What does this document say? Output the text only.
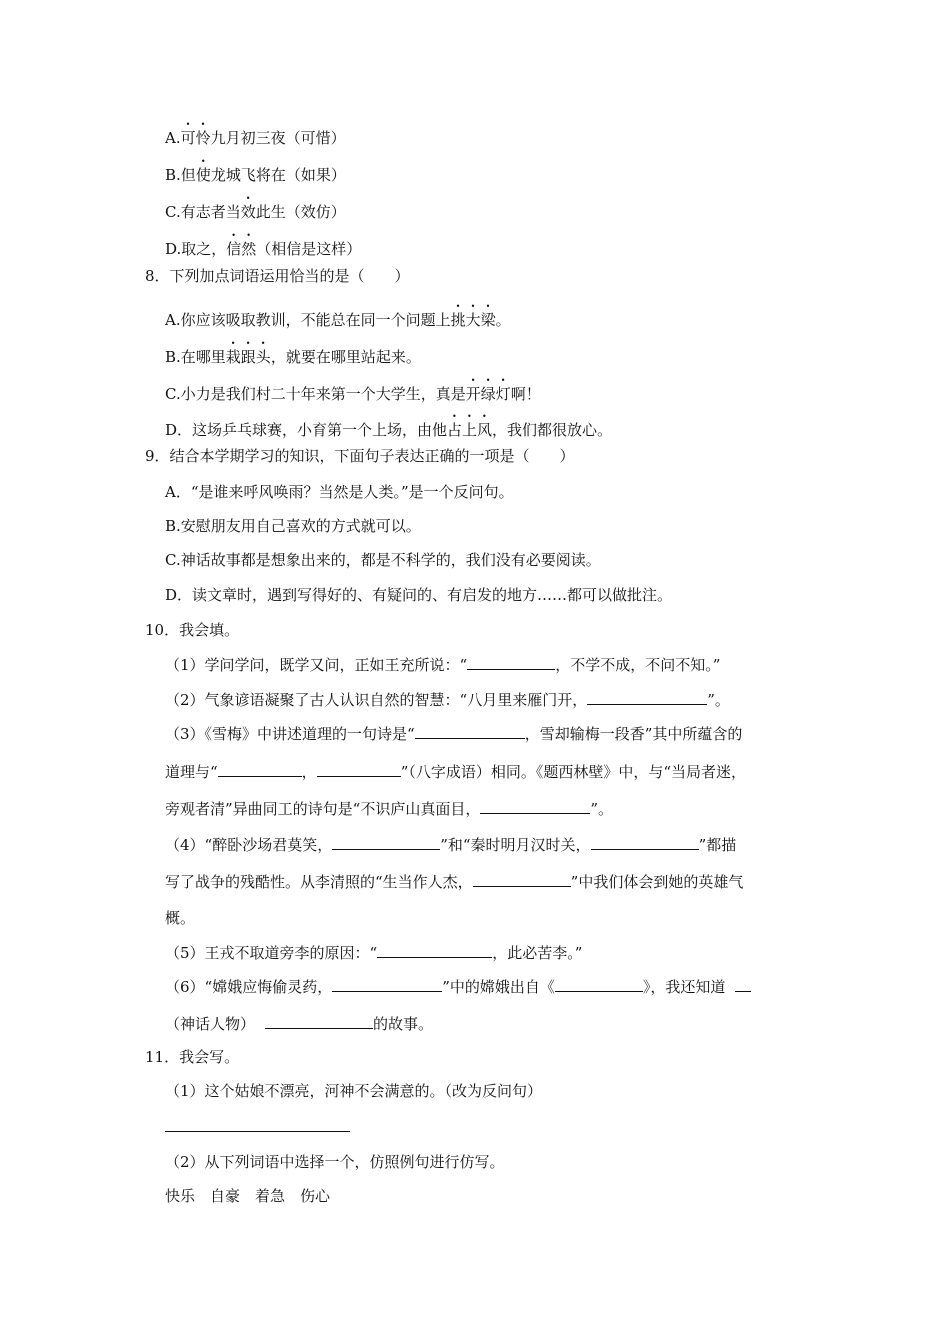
A.可怜九月初三夜（可惜）
B.但使龙城飞将在（如果）
C.有志者当效此生（效仿）
D.取之，信然（相信是这样）
8．下列加点词语运用恰当的是（　　）
A.你应该吸取教训，不能总在同一个问题上挑大梁。
B.在哪里栽跟头，就要在哪里站起来。
C.小力是我们村二十年来第一个大学生，真是开绿灯啊！
D．这场乒乓球赛，小育第一个上场，由他占上风，我们都很放心。
9．结合本学期学习的知识，下面句子表达正确的一项是（　　）
A．“是谁来呼风唤雨？当然是人类。”是一个反问句。
B.安慰朋友用自己喜欢的方式就可以。
C.神话故事都是想象出来的，都是不科学的，我们没有必要阅读。
D．读文章时，遇到写得好的、有疑问的、有启发的地方……都可以做批注。
10．我会填。
（1）学问学问，既学又问，正如王充所说：“	，不学不成，不问不知。”
（2）气象谚语凝聚了古人认识自然的智慧：“八月里来雁门开，	”。
（3）《雪梅》中讲述道理的一句诗是“	，雪却输梅一段香”其中所蕴含的
道理与“	，	”（八字成语）相同。《题西林壁》中，与“当局者迷，
旁观者清”异曲同工的诗句是“不识庐山真面目，	”。
（4）“醉卧沙场君莫笑，	”和“秦时明月汉时关，	”都描
写了战争的残酷性。从李清照的“生当作人杰，	”中我们体会到她的英雄气
概。
（5）王戎不取道旁李的原因：“	，此必苦李。”
（6）“嫦娥应悔偷灵药，	”中的嫦娥出自《	》，我还知道
（神话人物）	的故事。
11．我会写。
（1）这个姑娘不漂亮，河神不会满意的。（改为反问句）
（2）从下列词语中选择一个，仿照例句进行仿写。
快乐　自豪　着急　伤心
